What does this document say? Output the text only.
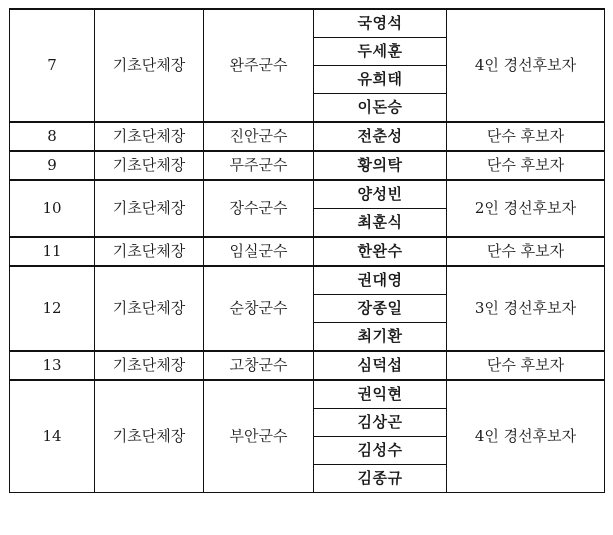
7	기초단체장	완주군수	국영석	4인 경선후보자
			두세훈	
			유희태	
			이돈승	
8	기초단체장	진안군수	전춘성	단수 후보자
9	기초단체장	무주군수	황의탁	단수 후보자
10	기초단체장	장수군수	양성빈	2인 경선후보자
			최훈식	
11	기초단체장	임실군수	한완수	단수 후보자
12	기초단체장	순창군수	권대영	3인 경선후보자
			장종일	
			최기환	
13	기초단체장	고창군수	심덕섭	단수 후보자
14	기초단체장	부안군수	권익현	4인 경선후보자
			김상곤	
			김성수	
			김종규	
